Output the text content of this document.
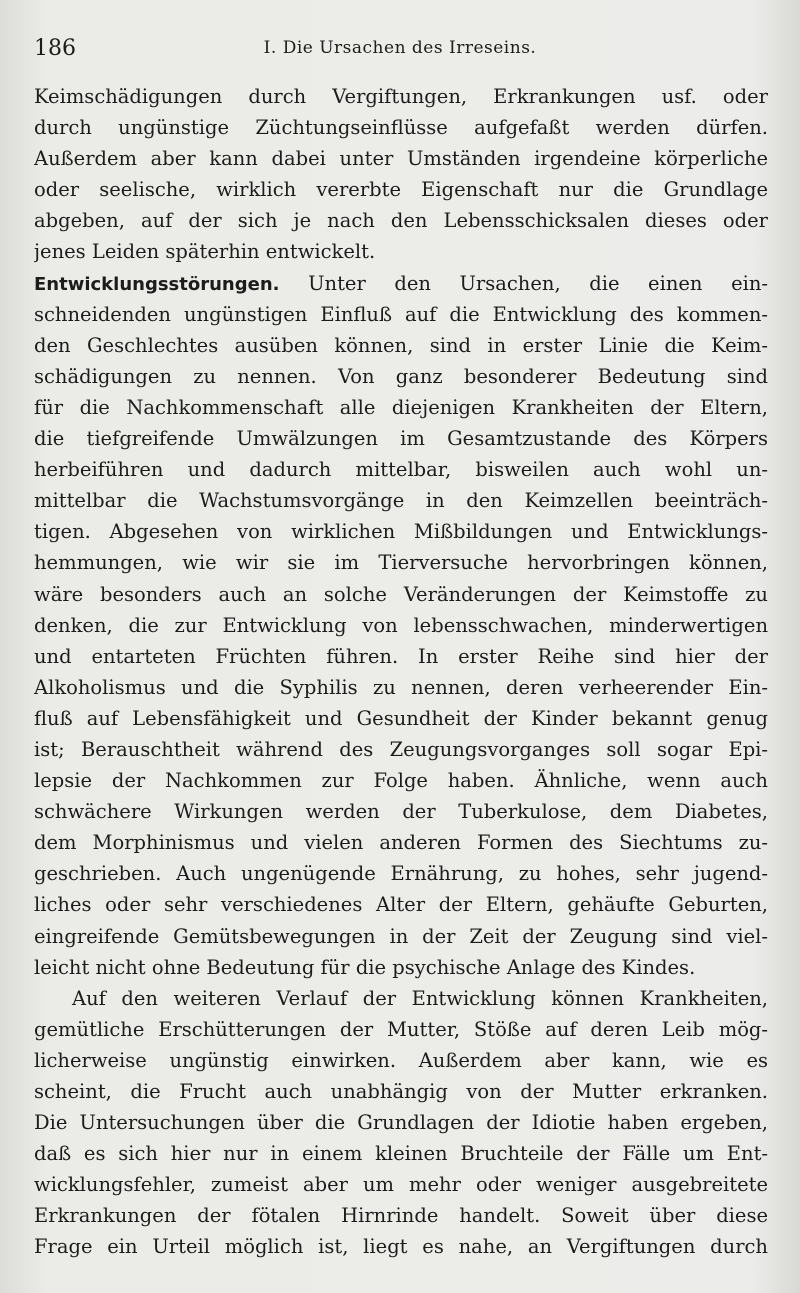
186	I. Die Ursachen des Irreseins.
Keimschädigungen durch Vergiftungen, Erkrankungen usf. oder
durch ungünstige Züchtungseinflüsse aufgefaßt werden dürfen.
Außerdem aber kann dabei unter Umständen irgendeine körperliche
oder seelische, wirklich vererbte Eigenschaft nur die Grundlage
abgeben, auf der sich je nach den Lebensschicksalen dieses oder
jenes Leiden späterhin entwickelt.
Entwicklungsstörungen. Unter den Ursachen, die einen ein-
schneidenden ungünstigen Einfluß auf die Entwicklung des kommen-
den Geschlechtes ausüben können, sind in erster Linie die Keim-
schädigungen zu nennen. Von ganz besonderer Bedeutung sind
für die Nachkommenschaft alle diejenigen Krankheiten der Eltern,
die tiefgreifende Umwälzungen im Gesamtzustande des Körpers
herbeiführen und dadurch mittelbar, bisweilen auch wohl un-
mittelbar die Wachstumsvorgänge in den Keimzellen beeinträch-
tigen. Abgesehen von wirklichen Mißbildungen und Entwicklungs-
hemmungen, wie wir sie im Tierversuche hervorbringen können,
wäre besonders auch an solche Veränderungen der Keimstoffe zu
denken, die zur Entwicklung von lebensschwachen, minderwertigen
und entarteten Früchten führen. In erster Reihe sind hier der
Alkoholismus und die Syphilis zu nennen, deren verheerender Ein-
fluß auf Lebensfähigkeit und Gesundheit der Kinder bekannt genug
ist; Berauschtheit während des Zeugungsvorganges soll sogar Epi-
lepsie der Nachkommen zur Folge haben. Ähnliche, wenn auch
schwächere Wirkungen werden der Tuberkulose, dem Diabetes,
dem Morphinismus und vielen anderen Formen des Siechtums zu-
geschrieben. Auch ungenügende Ernährung, zu hohes, sehr jugend-
liches oder sehr verschiedenes Alter der Eltern, gehäufte Geburten,
eingreifende Gemütsbewegungen in der Zeit der Zeugung sind viel-
leicht nicht ohne Bedeutung für die psychische Anlage des Kindes.
Auf den weiteren Verlauf der Entwicklung können Krankheiten,
gemütliche Erschütterungen der Mutter, Stöße auf deren Leib mög-
licherweise ungünstig einwirken. Außerdem aber kann, wie es
scheint, die Frucht auch unabhängig von der Mutter erkranken.
Die Untersuchungen über die Grundlagen der Idiotie haben ergeben,
daß es sich hier nur in einem kleinen Bruchteile der Fälle um Ent-
wicklungsfehler, zumeist aber um mehr oder weniger ausgebreitete
Erkrankungen der fötalen Hirnrinde handelt. Soweit über diese
Frage ein Urteil möglich ist, liegt es nahe, an Vergiftungen durch
